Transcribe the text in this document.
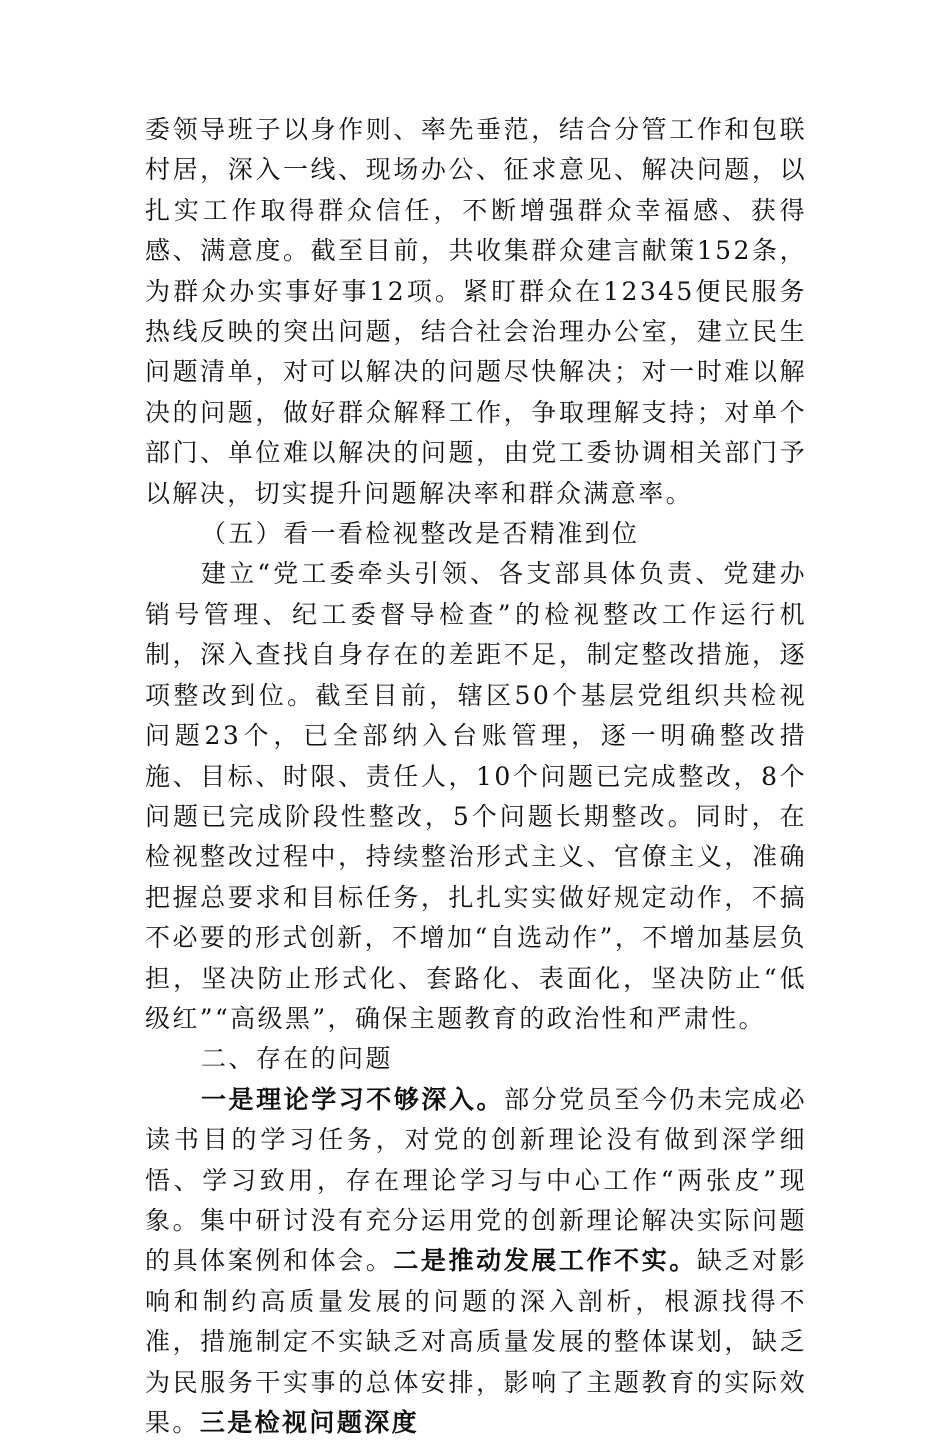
委领导班子以身作则、率先垂范，结合分管工作和包联村居，深入一线、现场办公、征求意见、解决问题，以扎实工作取得群众信任，不断增强群众幸福感、获得感、满意度。截至目前，共收集群众建言献策152条，为群众办实事好事12项。紧盯群众在12345便民服务热线反映的突出问题，结合社会治理办公室，建立民生问题清单，对可以解决的问题尽快解决；对一时难以解决的问题，做好群众解释工作，争取理解支持；对单个部门、单位难以解决的问题，由党工委协调相关部门予以解决，切实提升问题解决率和群众满意率。

（五）看一看检视整改是否精准到位

建立“党工委牵头引领、各支部具体负责、党建办销号管理、纪工委督导检查”的检视整改工作运行机制，深入查找自身存在的差距不足，制定整改措施，逐项整改到位。截至目前，辖区50个基层党组织共检视问题23个，已全部纳入台账管理，逐一明确整改措施、目标、时限、责任人，10个问题已完成整改，8个问题已完成阶段性整改，5个问题长期整改。同时，在检视整改过程中，持续整治形式主义、官僚主义，准确把握总要求和目标任务，扎扎实实做好规定动作，不搞不必要的形式创新，不增加“自选动作”，不增加基层负担，坚决防止形式化、套路化、表面化，坚决防止“低级红”“高级黑”，确保主题教育的政治性和严肃性。

二、存在的问题

一是理论学习不够深入。部分党员至今仍未完成必读书目的学习任务，对党的创新理论没有做到深学细悟、学习致用，存在理论学习与中心工作“两张皮”现象。集中研讨没有充分运用党的创新理论解决实际问题的具体案例和体会。二是推动发展工作不实。缺乏对影响和制约高质量发展的问题的深入剖析，根源找得不准，措施制定不实缺乏对高质量发展的整体谋划，缺乏为民服务干实事的总体安排，影响了主题教育的实际效果。三是检视问题深度
